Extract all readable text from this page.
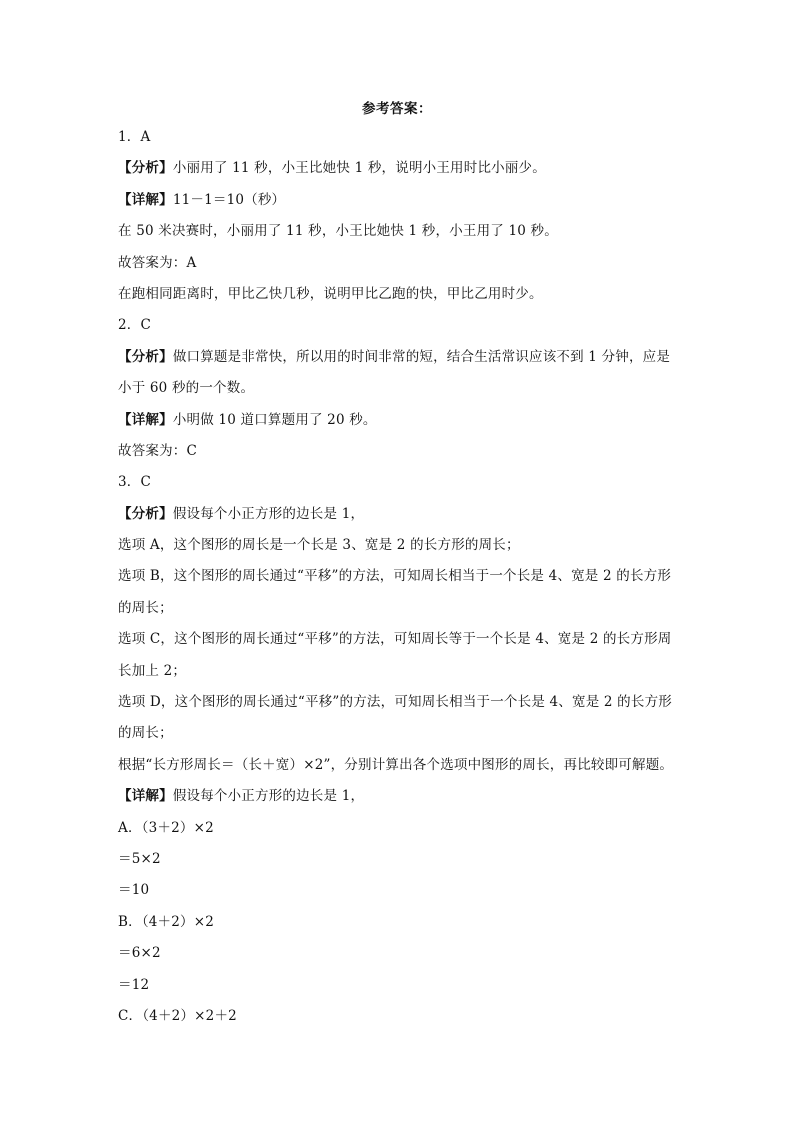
参考答案：
1．A
【分析】小丽用了 11 秒，小王比她快 1 秒，说明小王用时比小丽少。
【详解】11－1＝10（秒）
在 50 米决赛时，小丽用了 11 秒，小王比她快 1 秒，小王用了 10 秒。
故答案为：A
在跑相同距离时，甲比乙快几秒，说明甲比乙跑的快，甲比乙用时少。
2．C
【分析】做口算题是非常快，所以用的时间非常的短，结合生活常识应该不到 1 分钟，应是
小于 60 秒的一个数。
【详解】小明做 10 道口算题用了 20 秒。
故答案为：C
3．C
【分析】假设每个小正方形的边长是 1，
选项 A，这个图形的周长是一个长是 3、宽是 2 的长方形的周长；
选项 B，这个图形的周长通过“平移”的方法，可知周长相当于一个长是 4、宽是 2 的长方形
的周长；
选项 C，这个图形的周长通过“平移”的方法，可知周长等于一个长是 4、宽是 2 的长方形周
长加上 2；
选项 D，这个图形的周长通过“平移”的方法，可知周长相当于一个长是 4、宽是 2 的长方形
的周长；
根据“长方形周长＝（长＋宽）×2”，分别计算出各个选项中图形的周长，再比较即可解题。
【详解】假设每个小正方形的边长是 1，
A．（3＋2）×2
＝5×2
＝10
B．（4＋2）×2
＝6×2
＝12
C．（4＋2）×2＋2
